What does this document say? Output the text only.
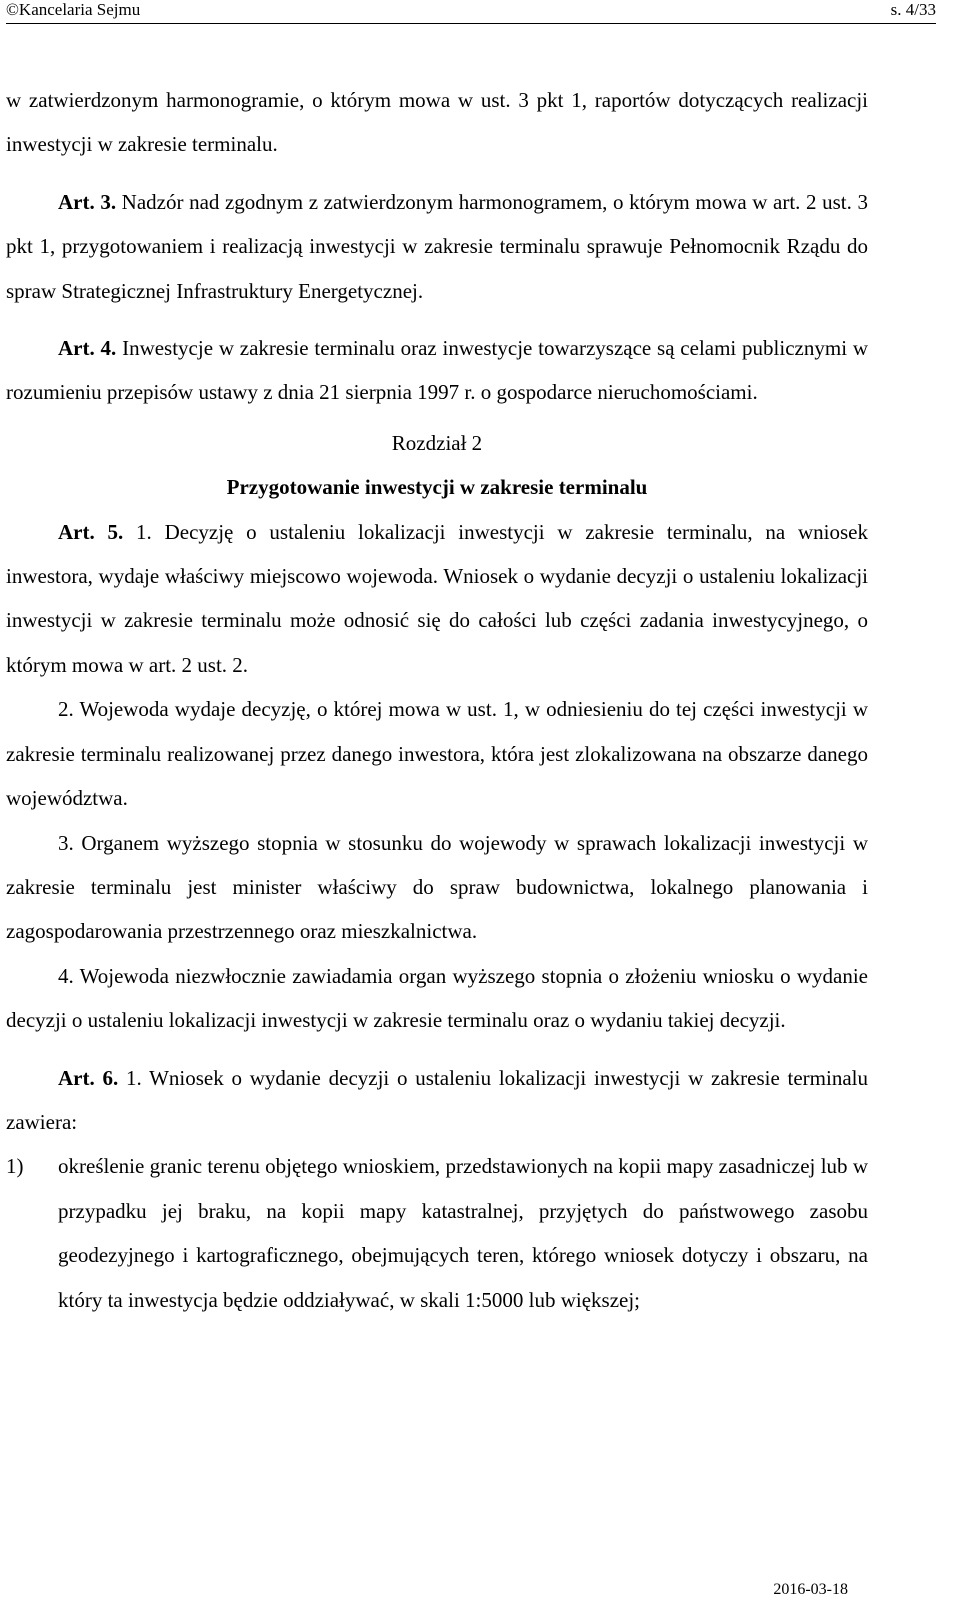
©Kancelaria Sejmu	s. 4/33

w zatwierdzonym harmonogramie, o którym mowa w ust. 3 pkt 1, raportów dotyczących realizacji inwestycji w zakresie terminalu.

Art. 3. Nadzór nad zgodnym z zatwierdzonym harmonogramem, o którym mowa w art. 2 ust. 3 pkt 1, przygotowaniem i realizacją inwestycji w zakresie terminalu sprawuje Pełnomocnik Rządu do spraw Strategicznej Infrastruktury Energetycznej.

Art. 4. Inwestycje w zakresie terminalu oraz inwestycje towarzyszące są celami publicznymi w rozumieniu przepisów ustawy z dnia 21 sierpnia 1997 r. o gospodarce nieruchomościami.

Rozdział 2

Przygotowanie inwestycji w zakresie terminalu

Art. 5. 1. Decyzję o ustaleniu lokalizacji inwestycji w zakresie terminalu, na wniosek inwestora, wydaje właściwy miejscowo wojewoda. Wniosek o wydanie decyzji o ustaleniu lokalizacji inwestycji w zakresie terminalu może odnosić się do całości lub części zadania inwestycyjnego, o którym mowa w art. 2 ust. 2.

2. Wojewoda wydaje decyzję, o której mowa w ust. 1, w odniesieniu do tej części inwestycji w zakresie terminalu realizowanej przez danego inwestora, która jest zlokalizowana na obszarze danego województwa.

3. Organem wyższego stopnia w stosunku do wojewody w sprawach lokalizacji inwestycji w zakresie terminalu jest minister właściwy do spraw budownictwa, lokalnego planowania i zagospodarowania przestrzennego oraz mieszkalnictwa.

4. Wojewoda niezwłocznie zawiadamia organ wyższego stopnia o złożeniu wniosku o wydanie decyzji o ustaleniu lokalizacji inwestycji w zakresie terminalu oraz o wydaniu takiej decyzji.

Art. 6. 1. Wniosek o wydanie decyzji o ustaleniu lokalizacji inwestycji w zakresie terminalu zawiera:

1) określenie granic terenu objętego wnioskiem, przedstawionych na kopii mapy zasadniczej lub w przypadku jej braku, na kopii mapy katastralnej, przyjętych do państwowego zasobu geodezyjnego i kartograficznego, obejmujących teren, którego wniosek dotyczy i obszaru, na który ta inwestycja będzie oddziaływać, w skali 1:5000 lub większej;

2016-03-18
